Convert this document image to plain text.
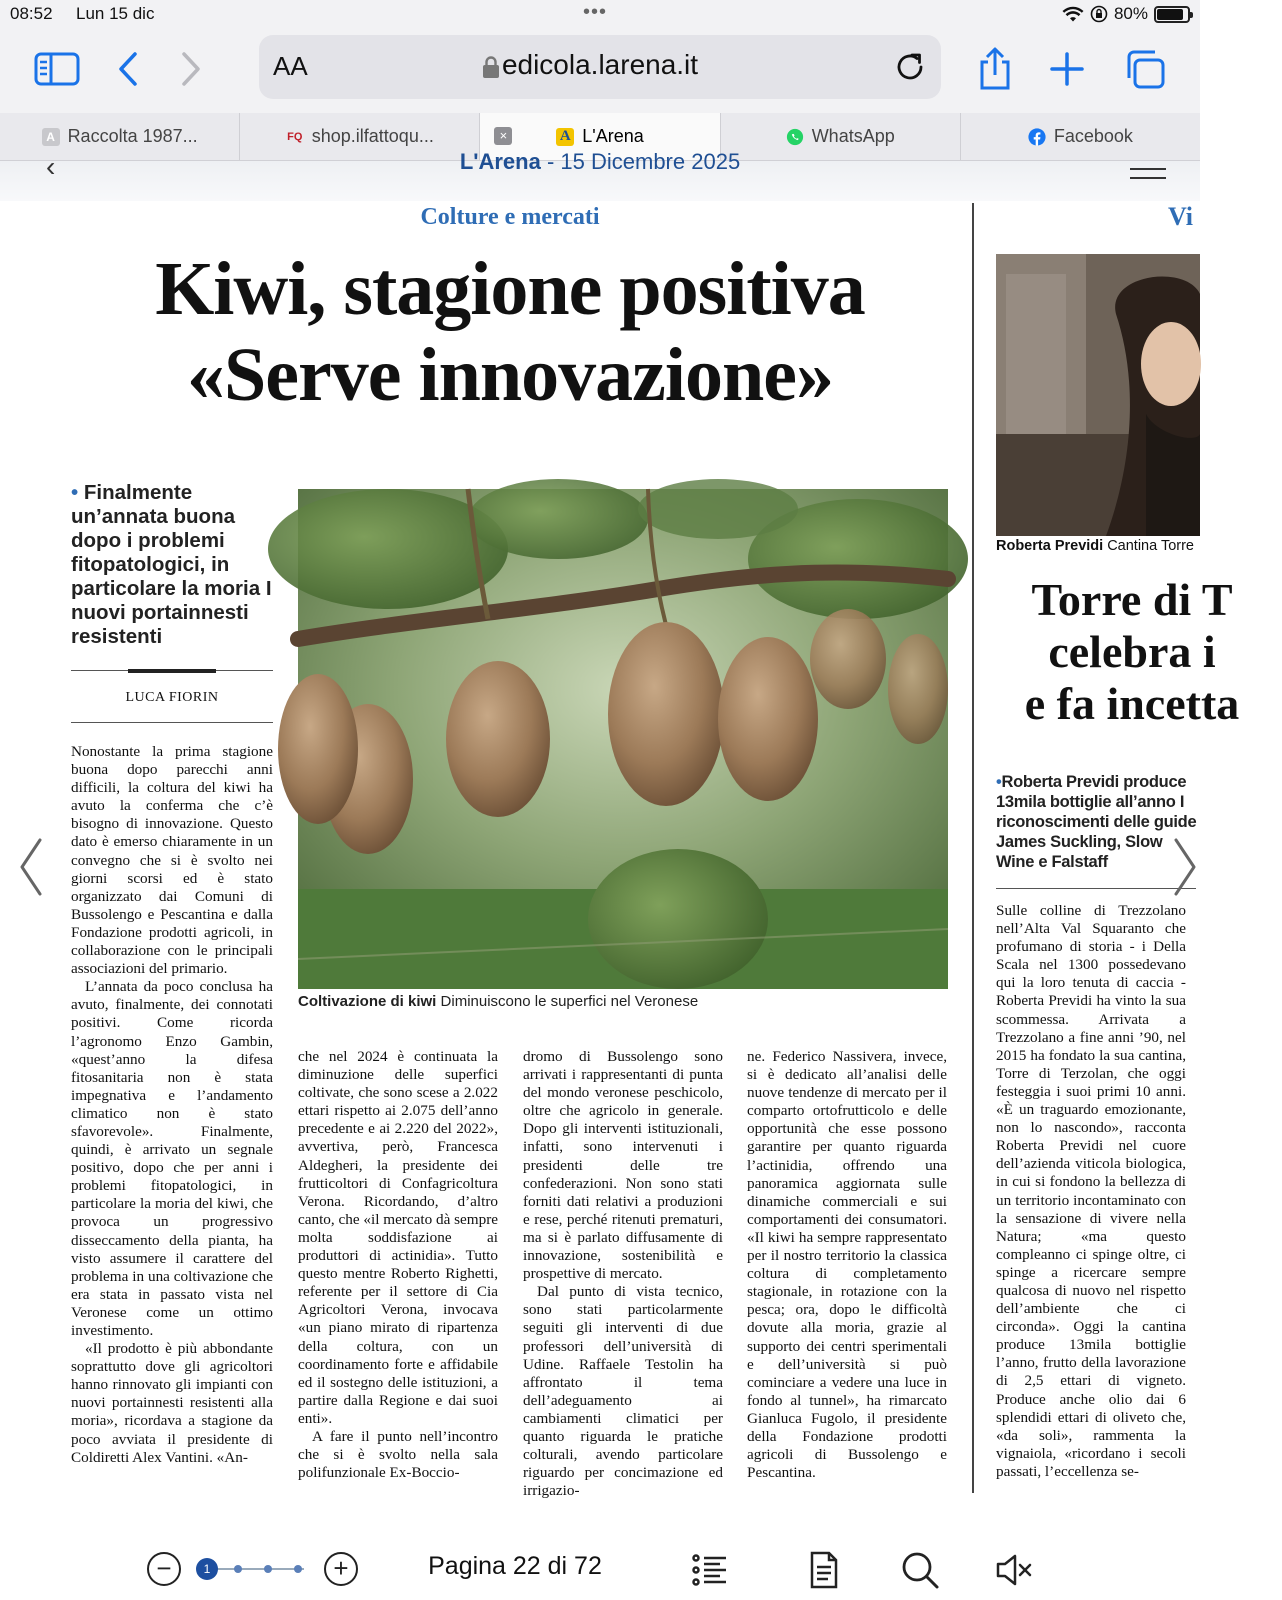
08:52 Lun 15 dic	•••	80%
AA	edicola.larena.it
A Raccolta 1987...	FQ shop.ilfattoqu...	×	A L'Arena	WhatsApp	Facebook
‹	L'Arena - 15 Dicembre 2025
Colture e mercati
Kiwi, stagione positiva
«Serve innovazione»
• Finalmente un’annata buona dopo i problemi fitopatologici, in particolare la moria I nuovi portainnesti resistenti
LUCA FIORIN

Nonostante la prima stagione buona dopo parecchi anni difficili, la coltura del kiwi ha avuto la conferma che c’è bisogno di innovazione. Questo dato è emerso chiaramente in un convegno che si è svolto nei giorni scorsi ed è stato organizzato dai Comuni di Bussolengo e Pescantina e dalla Fondazione prodotti agricoli, in collaborazione con le principali associazioni del primario.

L’annata da poco conclusa ha avuto, finalmente, dei connotati positivi. Come ricorda l’agronomo Enzo Gambin, «quest’anno la difesa fitosanitaria non è stata impegnativa e l’andamento climatico non è stato sfavorevole». Finalmente, quindi, è arrivato un segnale positivo, dopo che per anni i problemi fitopatologici, in particolare la moria del kiwi, che provoca un progressivo disseccamento della pianta, ha visto assumere il carattere del problema in una coltivazione che era stata in passato vista nel Veronese come un ottimo investimento.

«Il prodotto è più abbondante soprattutto dove gli agricoltori hanno rinnovato gli impianti con nuovi portainnesti resistenti alla moria», ricordava a stagione da poco avviata il presidente di Coldiretti Alex Vantini. «An-

Coltivazione di kiwi Diminuiscono le superfici nel Veronese

che nel 2024 è continuata la diminuzione delle superfici coltivate, che sono scese a 2.022 ettari rispetto ai 2.075 dell’anno precedente e ai 2.220 del 2022», avvertiva, però, Francesca Aldegheri, la presidente dei frutticoltori di Confagricoltura Verona. Ricordando, d’altro canto, che «il mercato dà sempre molta soddisfazione ai produttori di actinidia». Tutto questo mentre Roberto Righetti, referente per il settore di Cia Agricoltori Verona, invocava «un piano mirato di ripartenza della coltura, con un coordinamento forte e affidabile ed il sostegno delle istituzioni, a partire dalla Regione e dai suoi enti».

A fare il punto nell’incontro che si è svolto nella sala polifunzionale Ex-Boccio-

dromo di Bussolengo sono arrivati i rappresentanti di punta del mondo veronese peschicolo, oltre che agricolo in generale. Dopo gli interventi istituzionali, infatti, sono intervenuti i presidenti delle tre confederazioni. Non sono stati forniti dati relativi a produzioni e rese, perché ritenuti prematuri, ma si è parlato diffusamente di innovazione, sostenibilità e prospettive di mercato.

Dal punto di vista tecnico, sono stati particolarmente seguiti gli interventi di due professori dell’università di Udine. Raffaele Testolin ha affrontato il tema dell’adeguamento ai cambiamenti climatici per quanto riguarda le pratiche colturali, avendo particolare riguardo per concimazione ed irrigazio-

ne. Federico Nassivera, invece, si è dedicato all’analisi delle nuove tendenze di mercato per il comparto ortofrutticolo e delle opportunità che esse possono garantire per quanto riguarda l’actinidia, offrendo una panoramica aggiornata sulle dinamiche commerciali e sui comportamenti dei consumatori. «Il kiwi ha sempre rappresentato per il nostro territorio la classica coltura di completamento stagionale, in rotazione con la pesca; ora, dopo le difficoltà dovute alla moria, grazie al supporto dei centri sperimentali e dell’università si può cominciare a vedere una luce in fondo al tunnel», ha rimarcato Gianluca Fugolo, il presidente della Fondazione prodotti agricoli di Bussolengo e Pescantina.

Vi
Roberta Previdi Cantina Torre
Torre di T
celebra i
e fa incetta
•Roberta Previdi produce 13mila bottiglie all’anno I riconoscimenti delle guide James Suckling, Slow Wine e Falstaff

Sulle colline di Trezzolano nell’Alta Val Squaranto che profumano di storia - i Della Scala nel 1300 possedevano qui la loro tenuta di caccia - Roberta Previdi ha vinto la sua scommessa. Arrivata a Trezzolano a fine anni ’90, nel 2015 ha fondato la sua cantina, Torre di Terzolan, che oggi festeggia i suoi primi 10 anni. «È un traguardo emozionante, non lo nascondo», racconta Roberta Previdi nel cuore dell’azienda viticola biologica, in cui si fondono la bellezza di un territorio incontaminato con la sensazione di vivere nella Natura; «ma questo compleanno ci spinge oltre, ci spinge a ricercare sempre qualcosa di nuovo nel rispetto dell’ambiente che ci circonda». Oggi la cantina produce 13mila bottiglie l’anno, frutto della lavorazione di 2,5 ettari di vigneto. Produce anche olio dai 6 splendidi ettari di oliveto che, «da soli», rammenta la vignaiola, «ricordano i secoli passati, l’eccellenza se-

−	1	+	Pagina 22 di 72
